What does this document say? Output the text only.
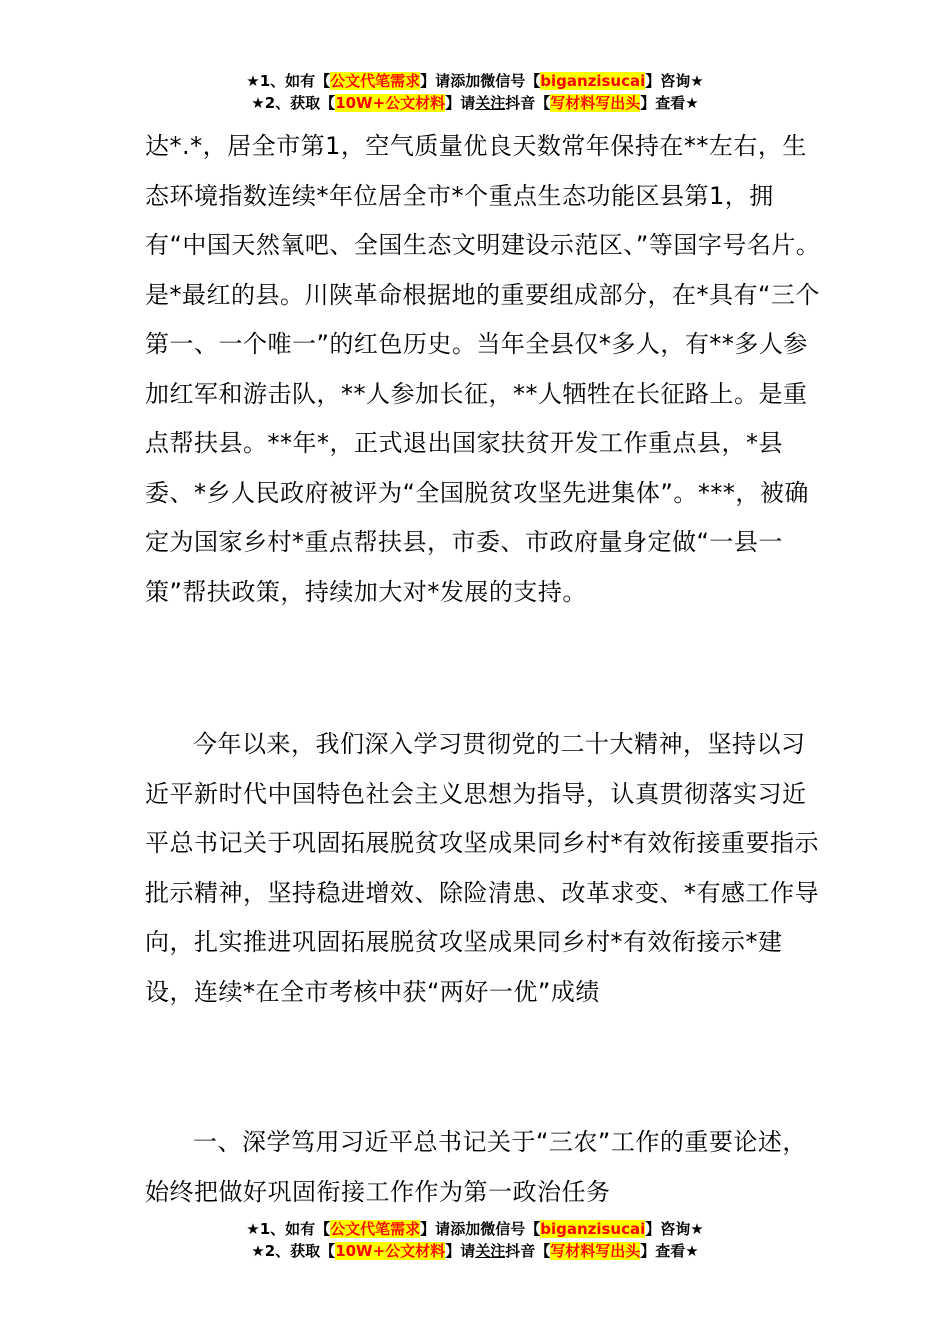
★1、如有【公文代笔需求】请添加微信号【biganzisucai】咨询★
★2、获取【10W+公文材料】请关注抖音【写材料写出头】查看★

达*.*，居全市第1，空气质量优良天数常年保持在**左右，生态环境指数连续*年位居全市*个重点生态功能区县第1，拥有“中国天然氧吧、全国生态文明建设示范区、”等国字号名片。是*最红的县。川陕革命根据地的重要组成部分，在*具有“三个第一、一个唯一”的红色历史。当年全县仅*多人，有**多人参加红军和游击队，**人参加长征，**人牺牲在长征路上。是重点帮扶县。**年*，正式退出国家扶贫开发工作重点县，*县委、*乡人民政府被评为“全国脱贫攻坚先进集体”。***，被确定为国家乡村*重点帮扶县，市委、市政府量身定做“一县一策”帮扶政策，持续加大对*发展的支持。

今年以来，我们深入学习贯彻党的二十大精神，坚持以习近平新时代中国特色社会主义思想为指导，认真贯彻落实习近平总书记关于巩固拓展脱贫攻坚成果同乡村*有效衔接重要指示批示精神，坚持稳进增效、除险清患、改革求变、*有感工作导向，扎实推进巩固拓展脱贫攻坚成果同乡村*有效衔接示*建设，连续*在全市考核中获“两好一优”成绩

一、深学笃用习近平总书记关于“三农”工作的重要论述，始终把做好巩固衔接工作作为第一政治任务

★1、如有【公文代笔需求】请添加微信号【biganzisucai】咨询★
★2、获取【10W+公文材料】请关注抖音【写材料写出头】查看★
